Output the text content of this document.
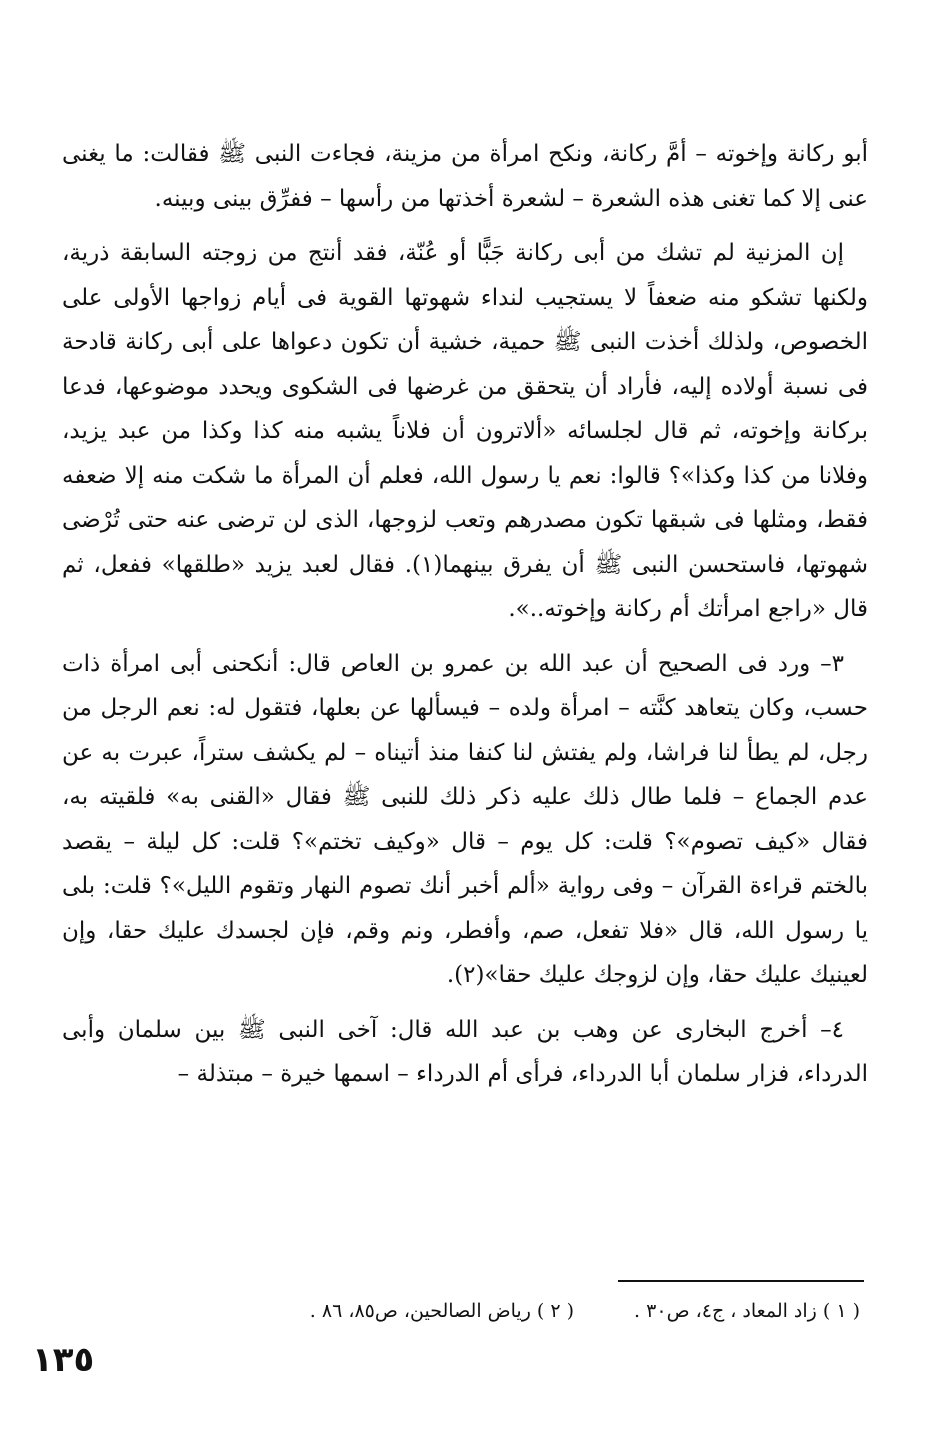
أبو ركانة وإخوته – أمَّ ركانة، ونكح امرأة من مزينة، فجاءت النبى ﷺ فقالت: ما يغنى عنى إلا كما تغنى هذه الشعرة – لشعرة أخذتها من رأسها – ففرِّق بينى وبينه.

إن المزنية لم تشك من أبى ركانة جَبًّا أو عُنّة، فقد أنتج من زوجته السابقة ذرية، ولكنها تشكو منه ضعفاً لا يستجيب لنداء شهوتها القوية فى أيام زواجها الأولى على الخصوص، ولذلك أخذت النبى ﷺ حمية، خشية أن تكون دعواها على أبى ركانة قادحة فى نسبة أولاده إليه، فأراد أن يتحقق من غرضها فى الشكوى ويحدد موضوعها، فدعا بركانة وإخوته، ثم قال لجلسائه «ألاترون أن فلاناً يشبه منه كذا وكذا من عبد يزيد، وفلانا من كذا وكذا»؟ قالوا: نعم يا رسول الله، فعلم أن المرأة ما شكت منه إلا ضعفه فقط، ومثلها فى شبقها تكون مصدرهم وتعب لزوجها، الذى لن ترضى عنه حتى تُرْضى شهوتها، فاستحسن النبى ﷺ أن يفرق بينهما(١). فقال لعبد يزيد «طلقها» ففعل، ثم قال «راجع امرأتك أم ركانة وإخوته..».

٣– ورد فى الصحيح أن عبد الله بن عمرو بن العاص قال: أنكحنى أبى امرأة ذات حسب، وكان يتعاهد كنَّته – امرأة ولده – فيسألها عن بعلها، فتقول له: نعم الرجل من رجل، لم يطأ لنا فراشا، ولم يفتش لنا كنفا منذ أتيناه – لم يكشف ستراً، عبرت به عن عدم الجماع – فلما طال ذلك عليه ذكر ذلك للنبى ﷺ فقال «القنى به» فلقيته به، فقال «كيف تصوم»؟ قلت: كل يوم – قال «وكيف تختم»؟ قلت: كل ليلة – يقصد بالختم قراءة القرآن – وفى رواية «ألم أخبر أنك تصوم النهار وتقوم الليل»؟ قلت: بلى يا رسول الله، قال «فلا تفعل، صم، وأفطر، ونم وقم، فإن لجسدك عليك حقا، وإن لعينيك عليك حقا، وإن لزوجك عليك حقا»(٢).

٤– أخرج البخارى عن وهب بن عبد الله قال: آخى النبى ﷺ بين سلمان وأبى الدرداء، فزار سلمان أبا الدرداء، فرأى أم الدرداء – اسمها خيرة – مبتذلة –

( ١ ) زاد المعاد ، ج٤، ص٣٠ .
( ٢ ) رياض الصالحين، ص٨٥، ٨٦ .
١٣٥
